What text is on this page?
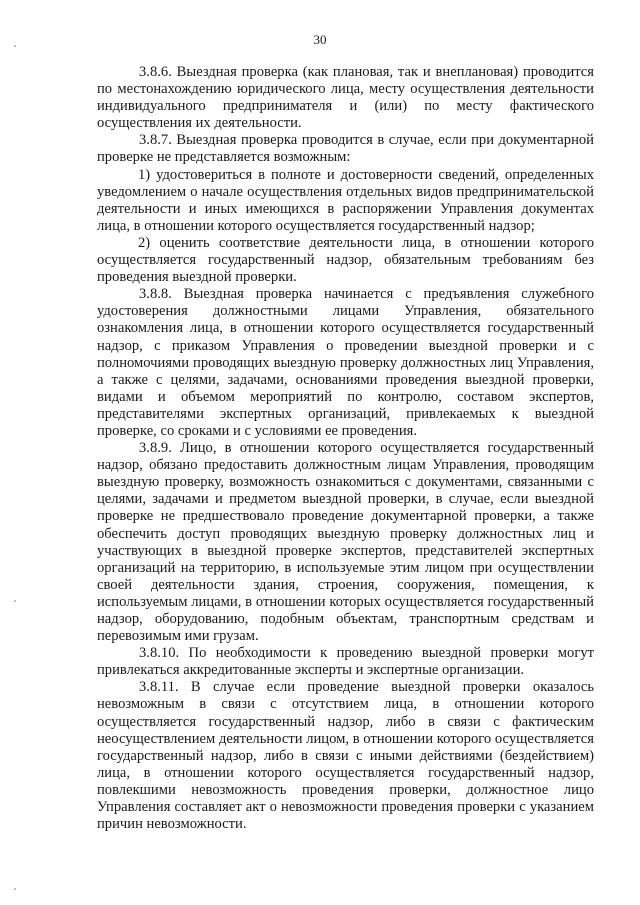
30

3.8.6. Выездная проверка (как плановая, так и внеплановая) проводится по местонахождению юридического лица, месту осуществления деятельности индивидуального предпринимателя и (или) по месту фактического осуществления их деятельности.

3.8.7. Выездная проверка проводится в случае, если при документарной проверке не представляется возможным:

1) удостовериться в полноте и достоверности сведений, определенных уведомлением о начале осуществления отдельных видов предпринимательской деятельности и иных имеющихся в распоряжении Управления документах лица, в отношении которого осуществляется государственный надзор;

2) оценить соответствие деятельности лица, в отношении которого осуществляется государственный надзор, обязательным требованиям без проведения выездной проверки.

3.8.8. Выездная проверка начинается с предъявления служебного удостоверения должностными лицами Управления, обязательного ознакомления лица, в отношении которого осуществляется государственный надзор, с приказом Управления о проведении выездной проверки и с полномочиями проводящих выездную проверку должностных лиц Управления, а также с целями, задачами, основаниями проведения выездной проверки, видами и объемом мероприятий по контролю, составом экспертов, представителями экспертных организаций, привлекаемых к выездной проверке, со сроками и с условиями ее проведения.

3.8.9. Лицо, в отношении которого осуществляется государственный надзор, обязано предоставить должностным лицам Управления, проводящим выездную проверку, возможность ознакомиться с документами, связанными с целями, задачами и предметом выездной проверки, в случае, если выездной проверке не предшествовало проведение документарной проверки, а также обеспечить доступ проводящих выездную проверку должностных лиц и участвующих в выездной проверке экспертов, представителей экспертных организаций на территорию, в используемые этим лицом при осуществлении своей деятельности здания, строения, сооружения, помещения, к используемым лицами, в отношении которых осуществляется государственный надзор, оборудованию, подобным объектам, транспортным средствам и перевозимым ими грузам.

3.8.10. По необходимости к проведению выездной проверки могут привлекаться аккредитованные эксперты и экспертные организации.

3.8.11. В случае если проведение выездной проверки оказалось невозможным в связи с отсутствием лица, в отношении которого осуществляется государственный надзор, либо в связи с фактическим неосуществлением деятельности лицом, в отношении которого осуществляется государственный надзор, либо в связи с иными действиями (бездействием) лица, в отношении которого осуществляется государственный надзор, повлекшими невозможность проведения проверки, должностное лицо Управления составляет акт о невозможности проведения проверки с указанием причин невозможности.
